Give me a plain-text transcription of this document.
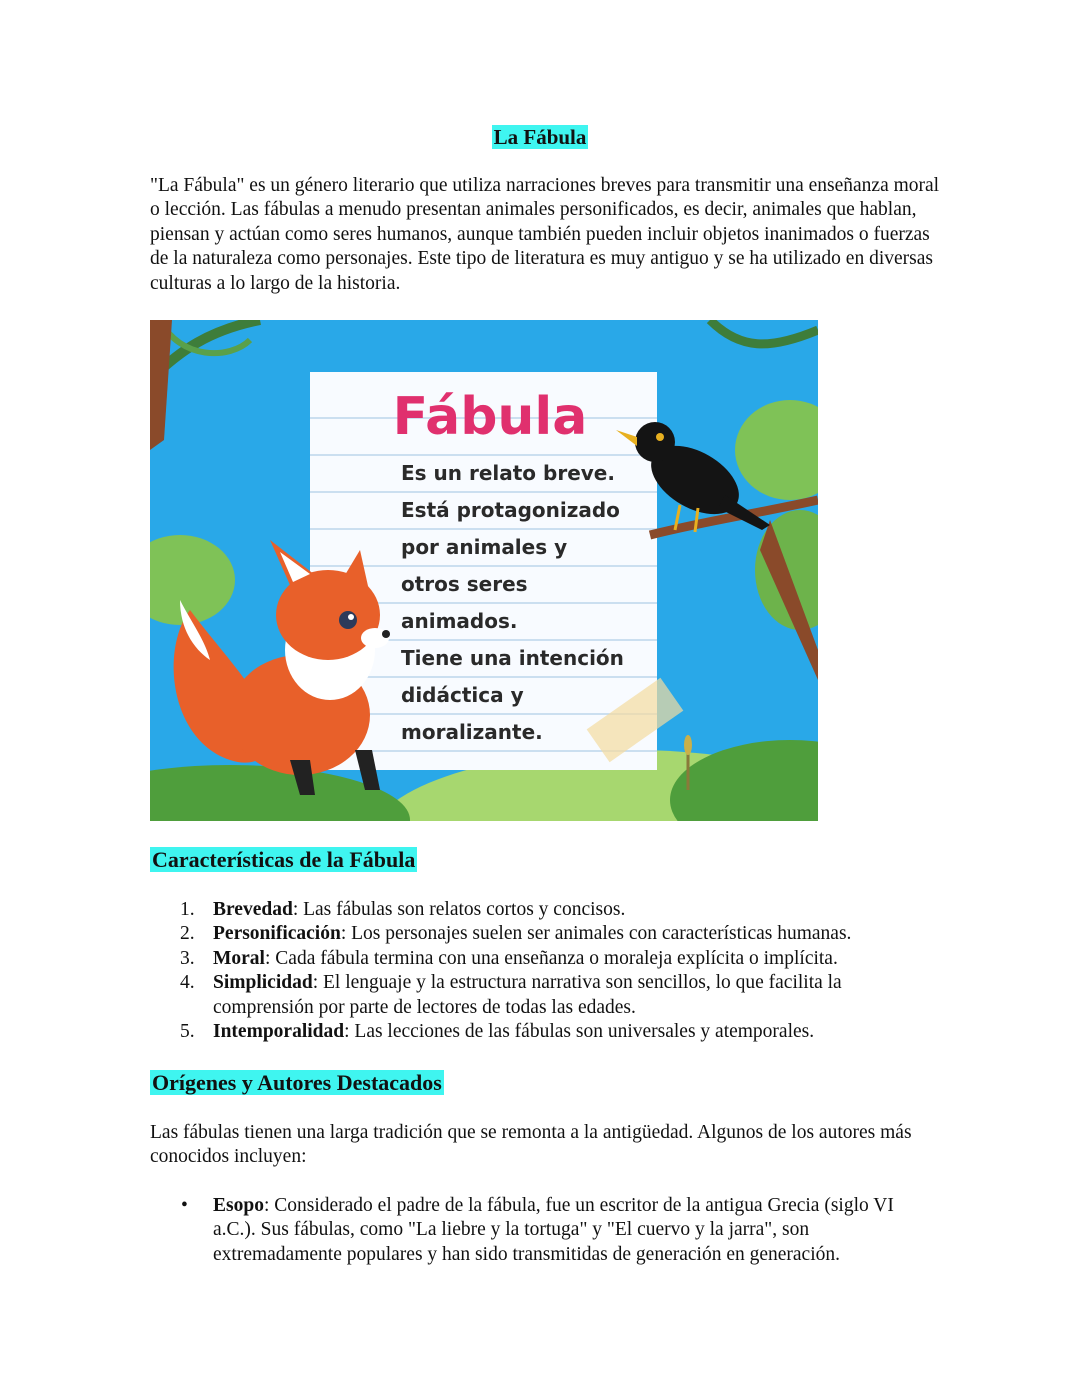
La Fábula
"La Fábula" es un género literario que utiliza narraciones breves para transmitir una enseñanza moral o lección. Las fábulas a menudo presentan animales personificados, es decir, animales que hablan, piensan y actúan como seres humanos, aunque también pueden incluir objetos inanimados o fuerzas de la naturaleza como personajes. Este tipo de literatura es muy antiguo y se ha utilizado en diversas culturas a lo largo de la historia.
Fábula
Es un relato breve.
Está protagonizado
por animales y
otros seres
animados.
Tiene una intención
didáctica y
moralizante.
Características de la Fábula
1. Brevedad: Las fábulas son relatos cortos y concisos.
2. Personificación: Los personajes suelen ser animales con características humanas.
3. Moral: Cada fábula termina con una enseñanza o moraleja explícita o implícita.
4. Simplicidad: El lenguaje y la estructura narrativa son sencillos, lo que facilita la comprensión por parte de lectores de todas las edades.
5. Intemporalidad: Las lecciones de las fábulas son universales y atemporales.
Orígenes y Autores Destacados
Las fábulas tienen una larga tradición que se remonta a la antigüedad. Algunos de los autores más conocidos incluyen:
• Esopo: Considerado el padre de la fábula, fue un escritor de la antigua Grecia (siglo VI a.C.). Sus fábulas, como "La liebre y la tortuga" y "El cuervo y la jarra", son extremadamente populares y han sido transmitidas de generación en generación.
